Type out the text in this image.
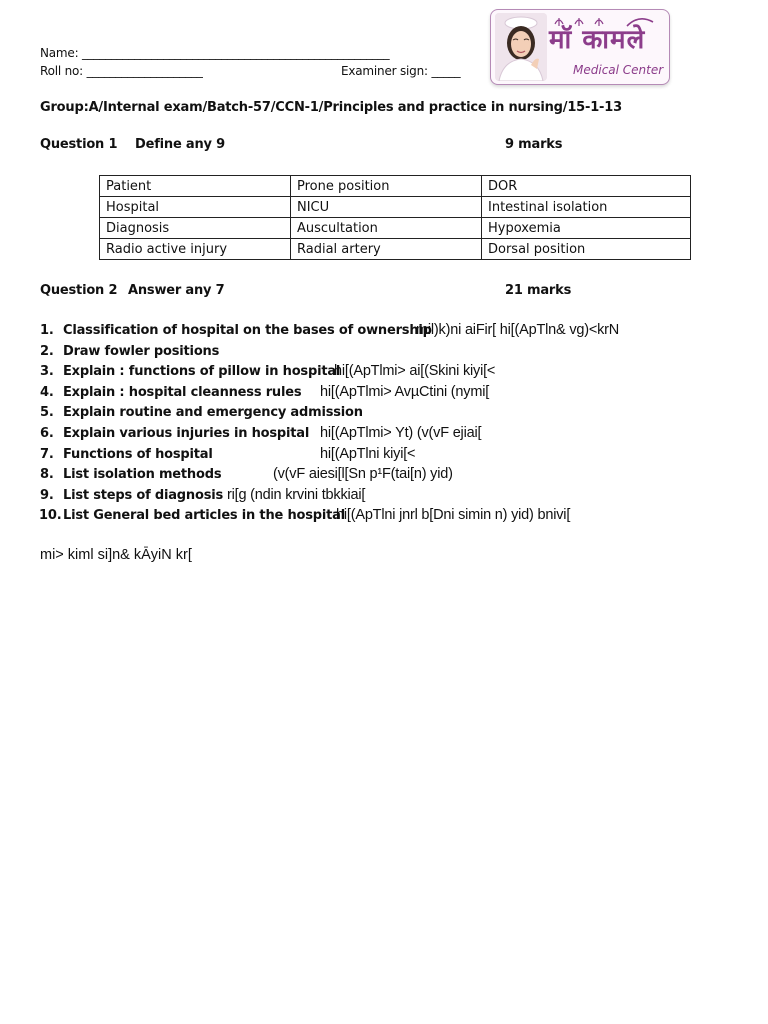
Name: _____________________________________________________
Roll no: ____________________	Examiner sign: _____
मॉ कामले
Medical Center
Group:A/Internal exam/Batch-57/CCN-1/Principles and practice in nursing/15-1-13
Question 1 Define any 9	9 marks
Patient	Prone position	DOR
Hospital	NICU	Intestinal isolation
Diagnosis	Auscultation	Hypoxemia
Radio active injury	Radial artery	Dorsal position
Question 2 Answer any 7	21 marks
1. Classification of hospital on the bases of ownership
mil)k)ni aiFir[ hi[(ApTln& vg)<krN
2. Draw fowler positions
3. Explain : functions of pillow in hospital
hi[(ApTlmi> ai[(Skini kiyi[<
4. Explain : hospital cleanness rules hi[(ApTlmi> AvµCtini (nymi[
5. Explain routine and emergency admission
6. Explain various injuries in hospital hi[(ApTlmi> Yt) (v(vF ejiai[
7. Functions of hospital	hi[(ApTlni kiyi[<
8. List isolation methods	(v(vF aiesi[l[Sn p¹F(tai[n) yid)
9. List steps of diagnosis ri[g (ndin krvini tbkkiai[
10. List General bed articles in the hospital
hi[(ApTlni jnrl b[Dni simin n) yid) bnivi[
mi> kiml si]n& kĀyiN kr[
